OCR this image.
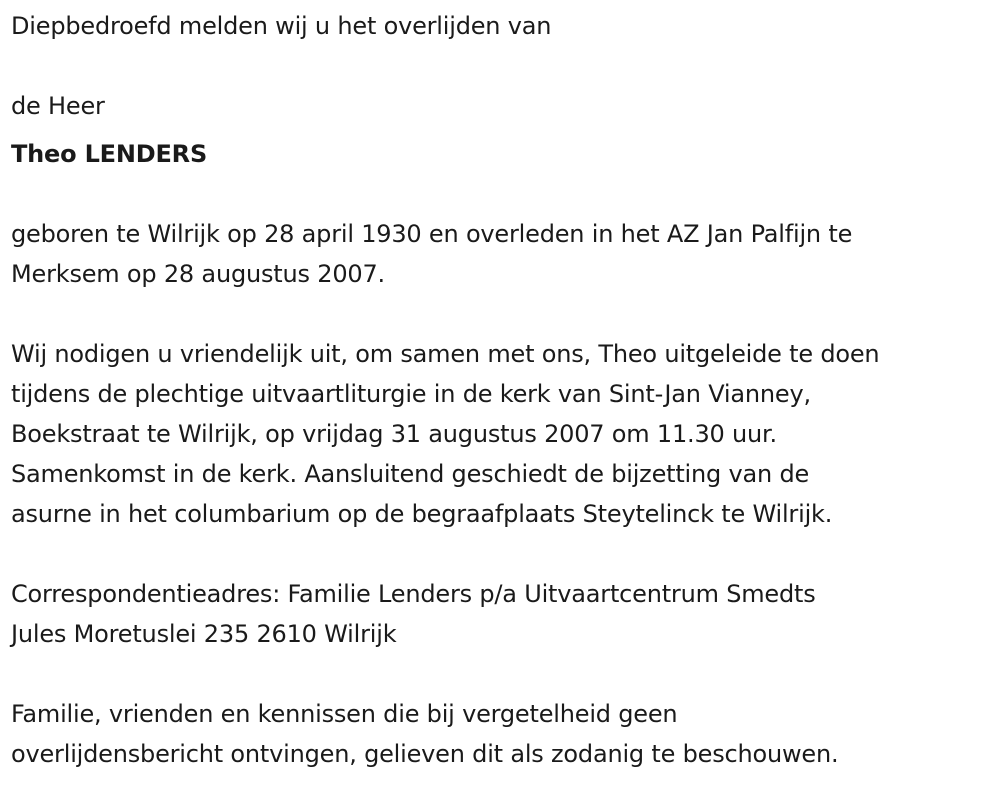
Diepbedroefd melden wij u het overlijden van

de Heer

Theo LENDERS

geboren te Wilrijk op 28 april 1930 en overleden in het AZ Jan Palfijn te

Merksem op 28 augustus 2007.

Wij nodigen u vriendelijk uit, om samen met ons, Theo uitgeleide te doen

tijdens de plechtige uitvaartliturgie in de kerk van Sint-Jan Vianney,

Boekstraat te Wilrijk, op vrijdag 31 augustus 2007 om 11.30 uur.

Samenkomst in de kerk. Aansluitend geschiedt de bijzetting van de

asurne in het columbarium op de begraafplaats Steytelinck te Wilrijk.

Correspondentieadres: Familie Lenders p/a Uitvaartcentrum Smedts

Jules Moretuslei 235 2610 Wilrijk

Familie, vrienden en kennissen die bij vergetelheid geen

overlijdensbericht ontvingen, gelieven dit als zodanig te beschouwen.
